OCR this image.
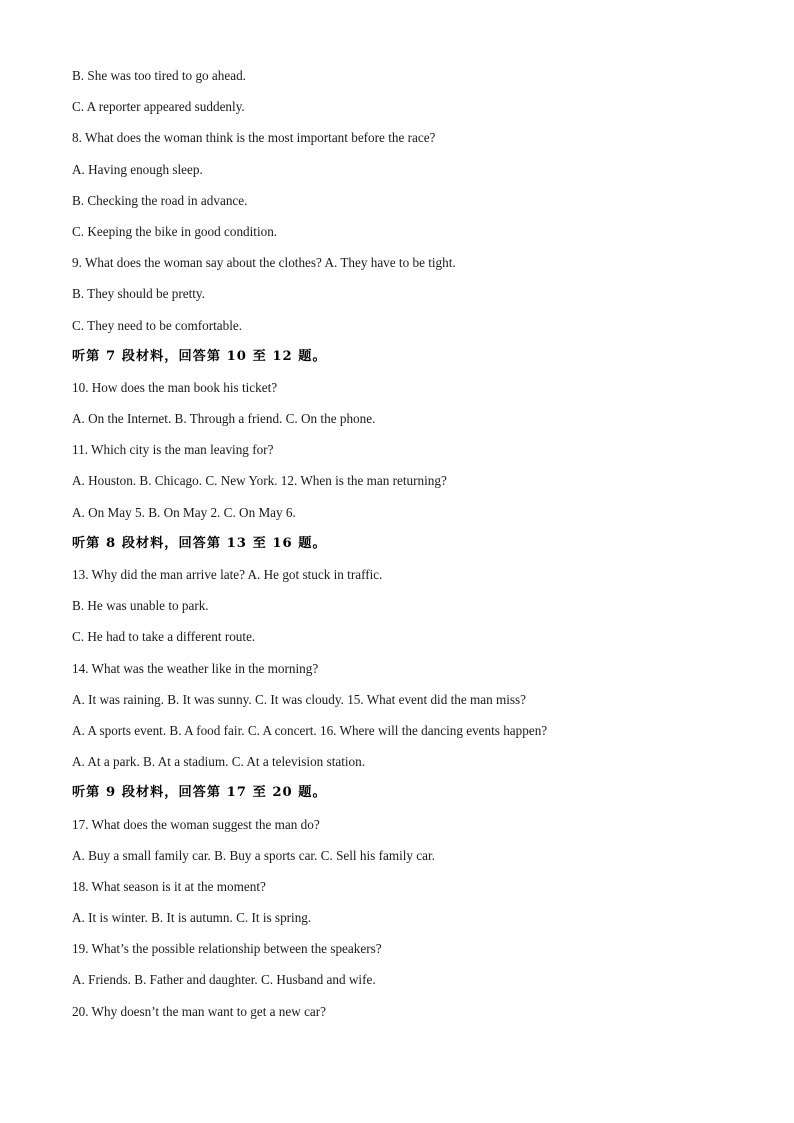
B. She was too tired to go ahead.
C. A reporter appeared suddenly.
8. What does the woman think is the most important before the race?
A. Having enough sleep.
B. Checking the road in advance.
C. Keeping the bike in good condition.
9. What does the woman say about the clothes? A. They have to be tight.
B. They should be pretty.
C. They need to be comfortable.
听第 7 段材料，回答第 10 至 12 题。
10. How does the man book his ticket?
A. On the Internet. B. Through a friend. C. On the phone.
11. Which city is the man leaving for?
A. Houston. B. Chicago. C. New York. 12. When is the man returning?
A. On May 5. B. On May 2. C. On May 6.
听第 8 段材料，回答第 13 至 16 题。
13. Why did the man arrive late? A. He got stuck in traffic.
B. He was unable to park.
C. He had to take a different route.
14. What was the weather like in the morning?
A. It was raining. B. It was sunny. C. It was cloudy. 15. What event did the man miss?
A. A sports event. B. A food fair. C. A concert. 16. Where will the dancing events happen?
A. At a park. B. At a stadium. C. At a television station.
听第 9 段材料，回答第 17 至 20 题。
17. What does the woman suggest the man do?
A. Buy a small family car. B. Buy a sports car. C. Sell his family car.
18. What season is it at the moment?
A. It is winter. B. It is autumn. C. It is spring.
19. What’s the possible relationship between the speakers?
A. Friends. B. Father and daughter. C. Husband and wife.
20. Why doesn’t the man want to get a new car?
